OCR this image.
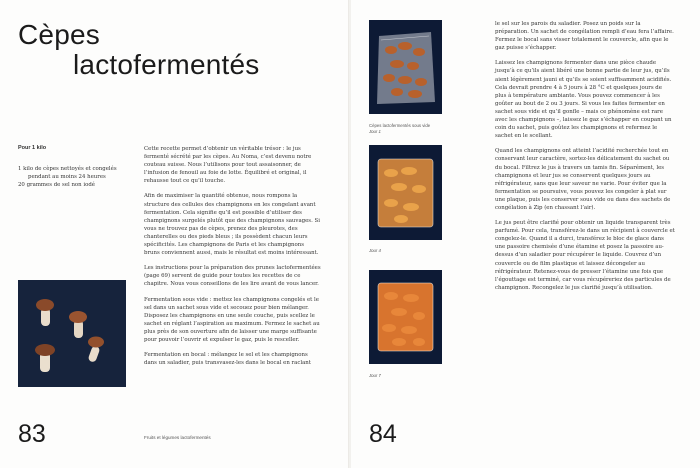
Cèpes
lactofermentés
Pour 1 kilo
1 kilo de cèpes nettoyés et congelés
pendant au moins 24 heures
20 grammes de sel non iodé

Cette recette permet d’obtenir un véritable trésor : le jus fermenté sécrété par les cèpes. Au Noma, c’est devenu notre couteau suisse. Nous l’utilisons pour tout assaisonner, de l’infusion de fenouil au foie de lotte. Équilibré et original, il rehausse tout ce qu’il touche.

Afin de maximiser la quantité obtenue, nous rompons la structure des cellules des champignons en les congelant avant fermentation. Cela signifie qu’il est possible d’utiliser des champignons surgelés plutôt que des champignons sauvages. Si vous ne trouvez pas de cèpes, prenez des pleurotes, des chanterelles ou des pieds bleus ; ils possèdent chacun leurs spécificités. Les champignons de Paris et les champignons bruns conviennent aussi, mais le résultat est moins intéressant.

Les instructions pour la préparation des prunes lactofermentées (page 69) servent de guide pour toutes les recettes de ce chapitre. Nous vous conseillons de les lire avant de vous lancer.

Fermentation sous vide : mettez les champignons congelés et le sel dans un sachet sous vide et secouez pour bien mélanger. Disposez les champignons en une seule couche, puis scellez le sachet en réglant l’aspiration au maximum. Fermez le sachet au plus près de son ouverture afin de laisser une marge suffisante pour pouvoir l’ouvrir et expulser le gaz, puis le resceller.

Fermentation en bocal : mélangez le sel et les champignons dans un saladier, puis transvasez-les dans le bocal en raclant

83	Fruits et légumes lactofermentés
Cèpes lactofermentés sous vide
Jour 1
Jour 4
Jour 7

le sel sur les parois du saladier. Posez un poids sur la préparation. Un sachet de congélation rempli d’eau fera l’affaire. Fermez le bocal sans visser totalement le couvercle, afin que le gaz puisse s’échapper.

Laissez les champignons fermenter dans une pièce chaude jusqu’à ce qu’ils aient libéré une bonne partie de leur jus, qu’ils aient légèrement jauni et qu’ils se soient suffisamment acidifiés. Cela devrait prendre 4 à 5 jours à 28 °C et quelques jours de plus à température ambiante. Vous pouvez commencer à les goûter au bout de 2 ou 3 jours. Si vous les faites fermenter en sachet sous vide et qu’il gonfle – mais ce phénomène est rare avec les champignons –, laissez le gaz s’échapper en coupant un coin du sachet, puis goûtez les champignons et refermez le sachet en le scellant.

Quand les champignons ont atteint l’acidité recherchée tout en conservant leur caractère, sortez-les délicatement du sachet ou du bocal. Filtrez le jus à travers un tamis fin. Séparément, les champignons et leur jus se conservent quelques jours au réfrigérateur, sans que leur saveur ne varie. Pour éviter que la fermentation se poursuive, vous pouvez les congeler à plat sur une plaque, puis les conserver sous vide ou dans des sachets de congélation à Zip (en chassant l’air).

Le jus peut être clarifié pour obtenir un liquide transparent très parfumé. Pour cela, transférez-le dans un récipient à couvercle et congelez-le. Quand il a durci, transférez le bloc de glace dans une passoire chemisée d’une étamine et posez la passoire au-dessus d’un saladier pour récupérer le liquide. Couvrez d’un couvercle ou de film plastique et laissez décongeler au réfrigérateur. Retenez-vous de presser l’étamine une fois que l’égouttage est terminé, car vous récupéreriez des particules de champignon. Recongelez le jus clarifié jusqu’à utilisation.

84
